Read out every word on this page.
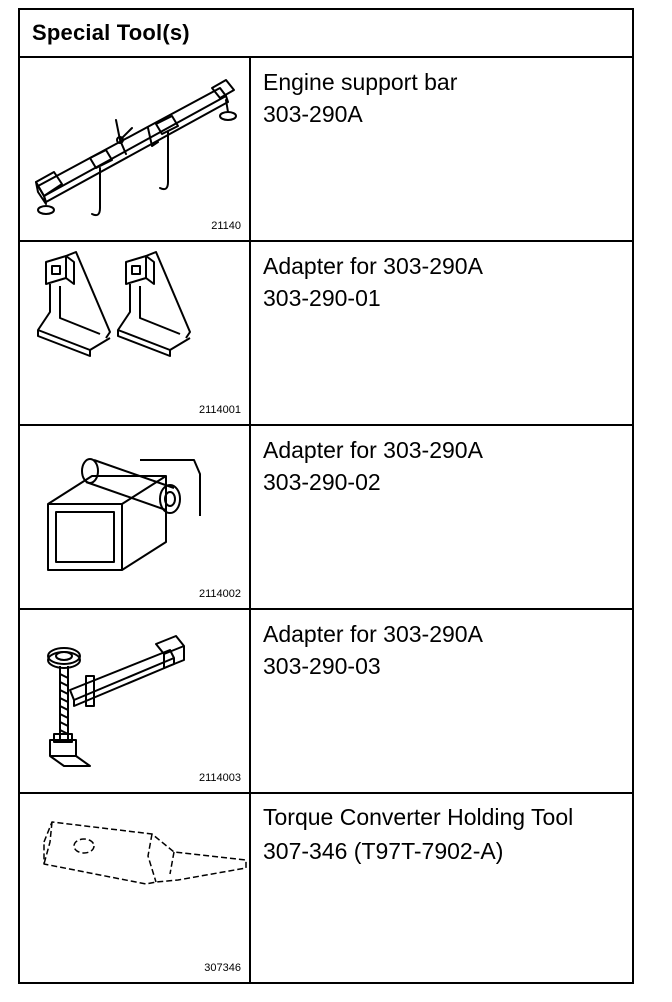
Special Tool(s)
21140
Engine support bar
303-290A
2114001
Adapter for 303-290A
303-290-01
2114002
Adapter for 303-290A
303-290-02
2114003
Adapter for 303-290A
303-290-03
307346
Torque Converter Holding Tool
307-346 (T97T-7902-A)
